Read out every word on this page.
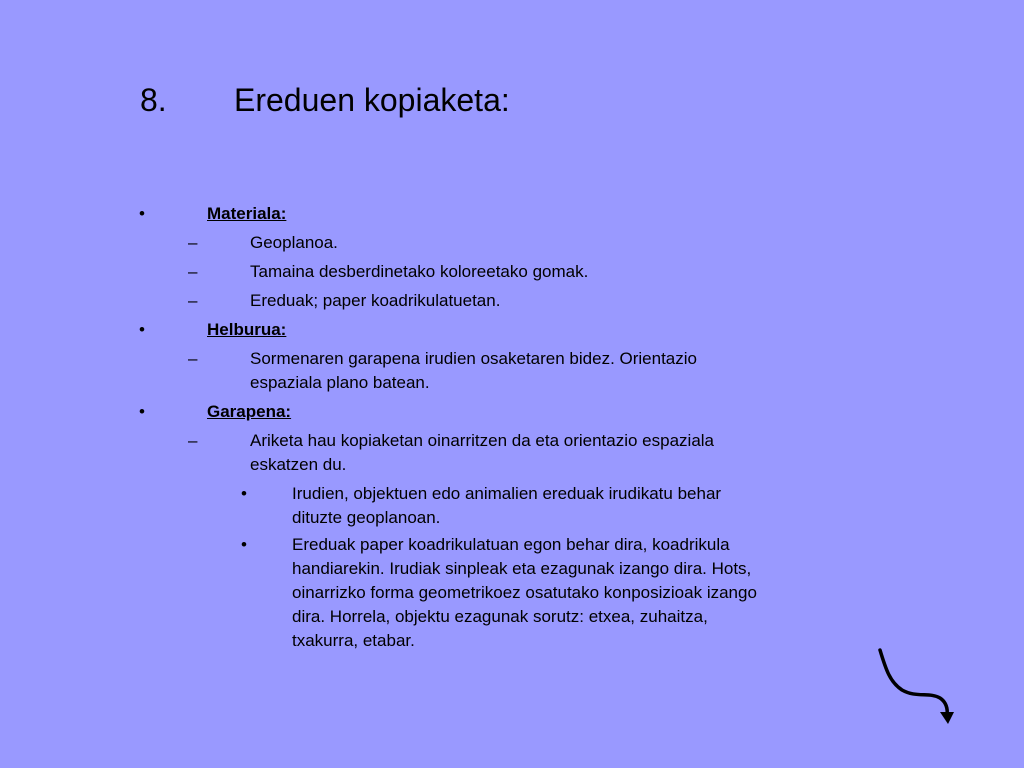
8. Ereduen kopiaketa:
•	Materiala:
–	Geoplanoa.
–	Tamaina desberdinetako koloreetako gomak.
–	Ereduak; paper koadrikulatuetan.
•	Helburua:
–	Sormenaren garapena irudien osaketaren bidez. Orientazio
espaziala plano batean.
•	Garapena:
–	Ariketa hau kopiaketan oinarritzen da eta orientazio espaziala
eskatzen du.
•	Irudien, objektuen edo animalien ereduak irudikatu behar
dituzte geoplanoan.
•	Ereduak paper koadrikulatuan egon behar dira, koadrikula
handiarekin. Irudiak sinpleak eta ezagunak izango dira. Hots,
oinarrizko forma geometrikoez osatutako konposizioak izango
dira. Horrela, objektu ezagunak sorutz: etxea, zuhaitza,
txakurra, etabar.
